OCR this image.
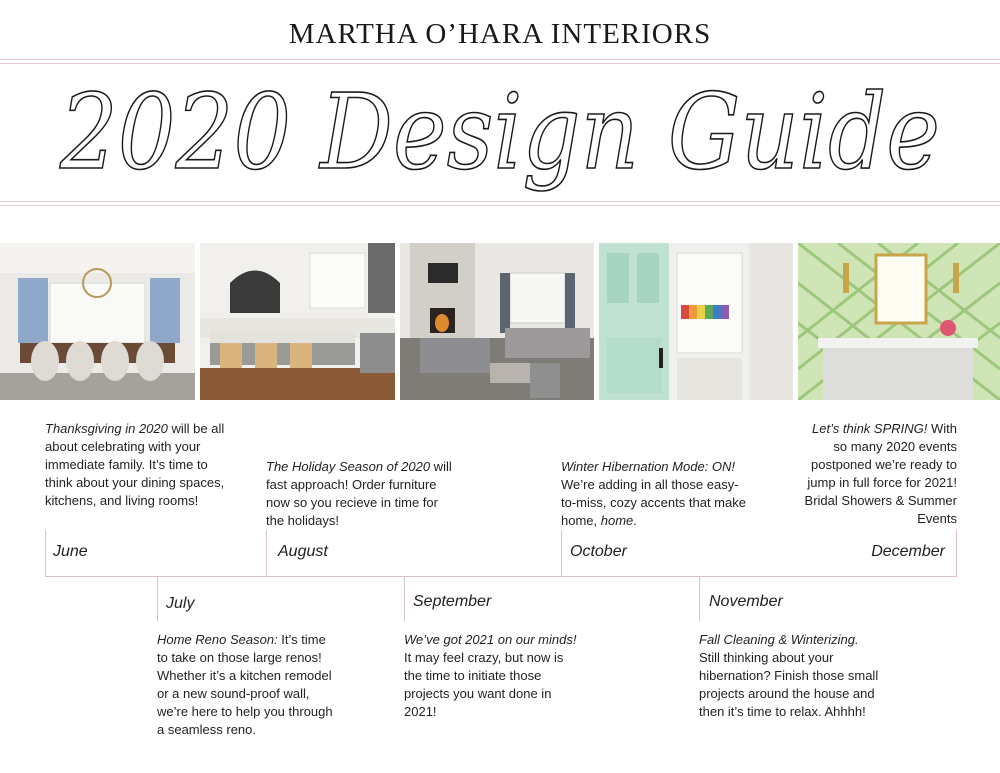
MARTHA O’HARA INTERIORS
2020 Design Guide
Thanksgiving in 2020 will be all about celebrating with your immediate family. It’s time to think about your dining spaces, kitchens, and living rooms!
June
The Holiday Season of 2020 will fast approach! Order furniture now so you recieve in time for the holidays!
August
Winter Hibernation Mode: ON! We’re adding in all those easy-to-miss, cozy accents that make home, home.
October
Let’s think SPRING! With so many 2020 events postponed we’re ready to jump in full force for 2021! Bridal Showers & Summer Events
December
July
Home Reno Season: It’s time to take on those large renos! Whether it’s a kitchen remodel or a new sound-proof wall, we’re here to help you through a seamless reno.
September
We’ve got 2021 on our minds! It may feel crazy, but now is the time to initiate those projects you want done in 2021!
November
Fall Cleaning & Winterizing. Still thinking about your hibernation? Finish those small projects around the house and then it’s time to relax. Ahhhh!
